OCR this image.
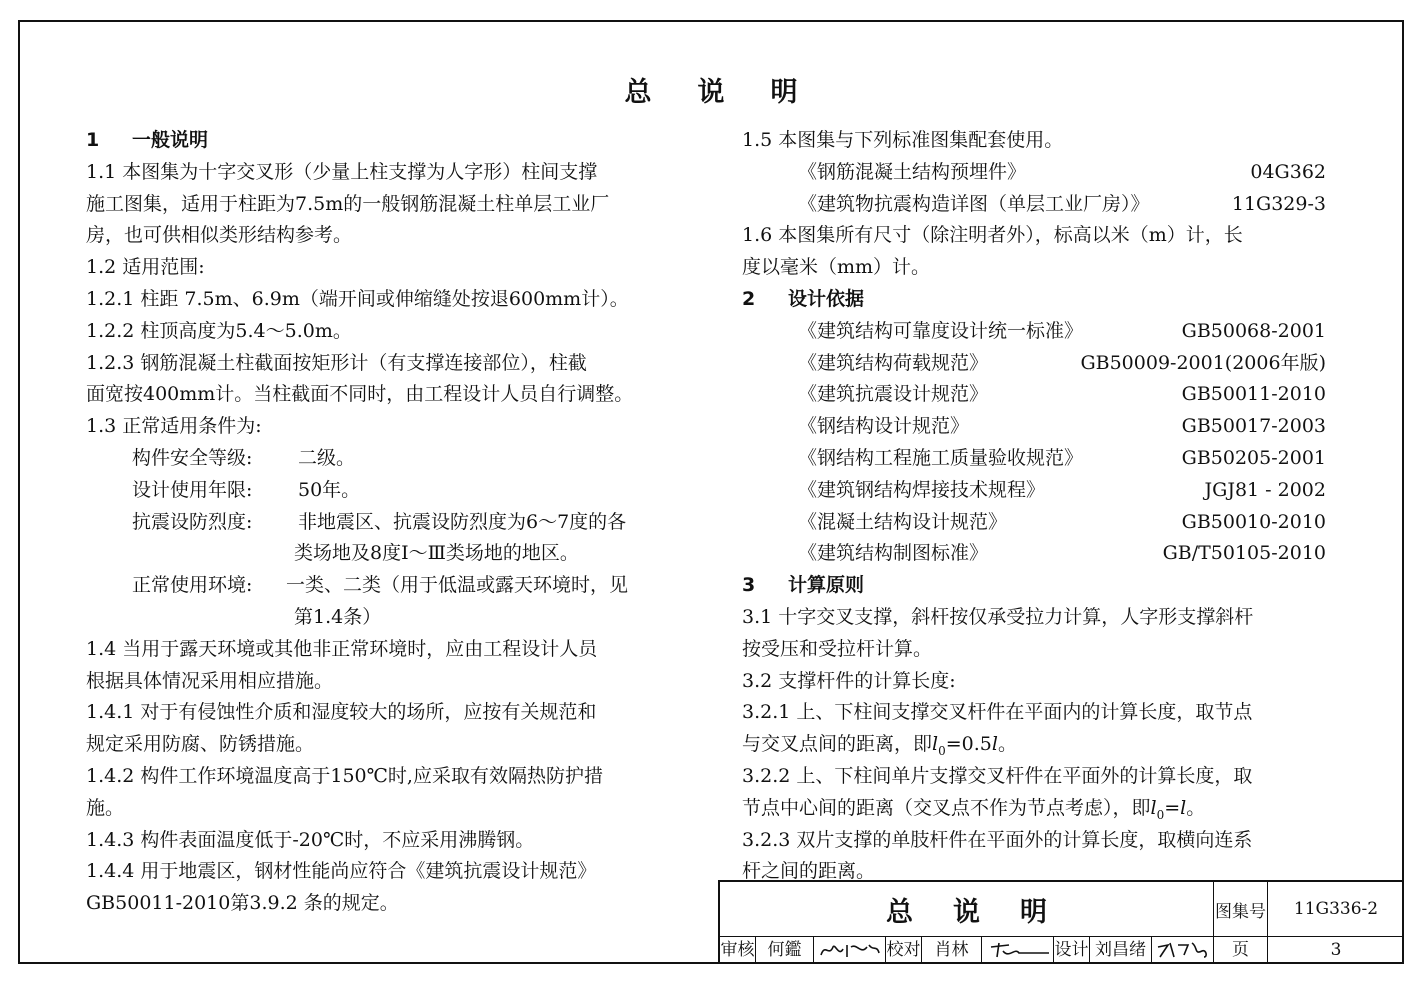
总说明
1 一般说明
1.1 本图集为十字交叉形（少量上柱支撑为人字形）柱间支撑
施工图集，适用于柱距为7.5m的一般钢筋混凝土柱单层工业厂
房，也可供相似类形结构参考。
1.2 适用范围:
1.2.1 柱距 7.5m、6.9m（端开间或伸缩缝处按退600mm计）。
1.2.2 柱顶高度为5.4～5.0m。
1.2.3 钢筋混凝土柱截面按矩形计（有支撑连接部位），柱截
面宽按400mm计。当柱截面不同时，由工程设计人员自行调整。
1.3 正常适用条件为:
构件安全等级: 二级。
设计使用年限: 50年。
抗震设防烈度: 非地震区、抗震设防烈度为6～7度的各
类场地及8度Ⅰ～Ⅲ类场地的地区。
正常使用环境: 一类、二类（用于低温或露天环境时，见
第1.4条）
1.4 当用于露天环境或其他非正常环境时，应由工程设计人员
根据具体情况采用相应措施。
1.4.1 对于有侵蚀性介质和湿度较大的场所，应按有关规范和
规定采用防腐、防锈措施。
1.4.2 构件工作环境温度高于150℃时,应采取有效隔热防护措
施。
1.4.3 构件表面温度低于-20℃时，不应采用沸腾钢。
1.4.4 用于地震区，钢材性能尚应符合《建筑抗震设计规范》
GB50011-2010第3.9.2 条的规定。
1.5 本图集与下列标准图集配套使用。
《钢筋混凝土结构预埋件》	04G362
《建筑物抗震构造详图（单层工业厂房）》	11G329-3
1.6 本图集所有尺寸（除注明者外），标高以米（m）计，长
度以毫米（mm）计。
2 设计依据
《建筑结构可靠度设计统一标准》	GB50068-2001
《建筑结构荷载规范》	GB50009-2001(2006年版)
《建筑抗震设计规范》	GB50011-2010
《钢结构设计规范》	GB50017-2003
《钢结构工程施工质量验收规范》	GB50205-2001
《建筑钢结构焊接技术规程》	JGJ81 - 2002
《混凝土结构设计规范》	GB50010-2010
《建筑结构制图标准》	GB/T50105-2010
3 计算原则
3.1 十字交叉支撑，斜杆按仅承受拉力计算，人字形支撑斜杆
按受压和受拉杆计算。
3.2 支撑杆件的计算长度:
3.2.1 上、下柱间支撑交叉杆件在平面内的计算长度，取节点
与交叉点间的距离，即$l_0=0.5l$。
3.2.2 上、下柱间单片支撑交叉杆件在平面外的计算长度，取
节点中心间的距离（交叉点不作为节点考虑），即$l_0=l$。
3.2.3 双片支撑的单肢杆件在平面外的计算长度，取横向连系
杆之间的距离。
总说明	图集号	11G336-2
审核 何鑑	校对 肖林	设计 刘昌绪	页	3
